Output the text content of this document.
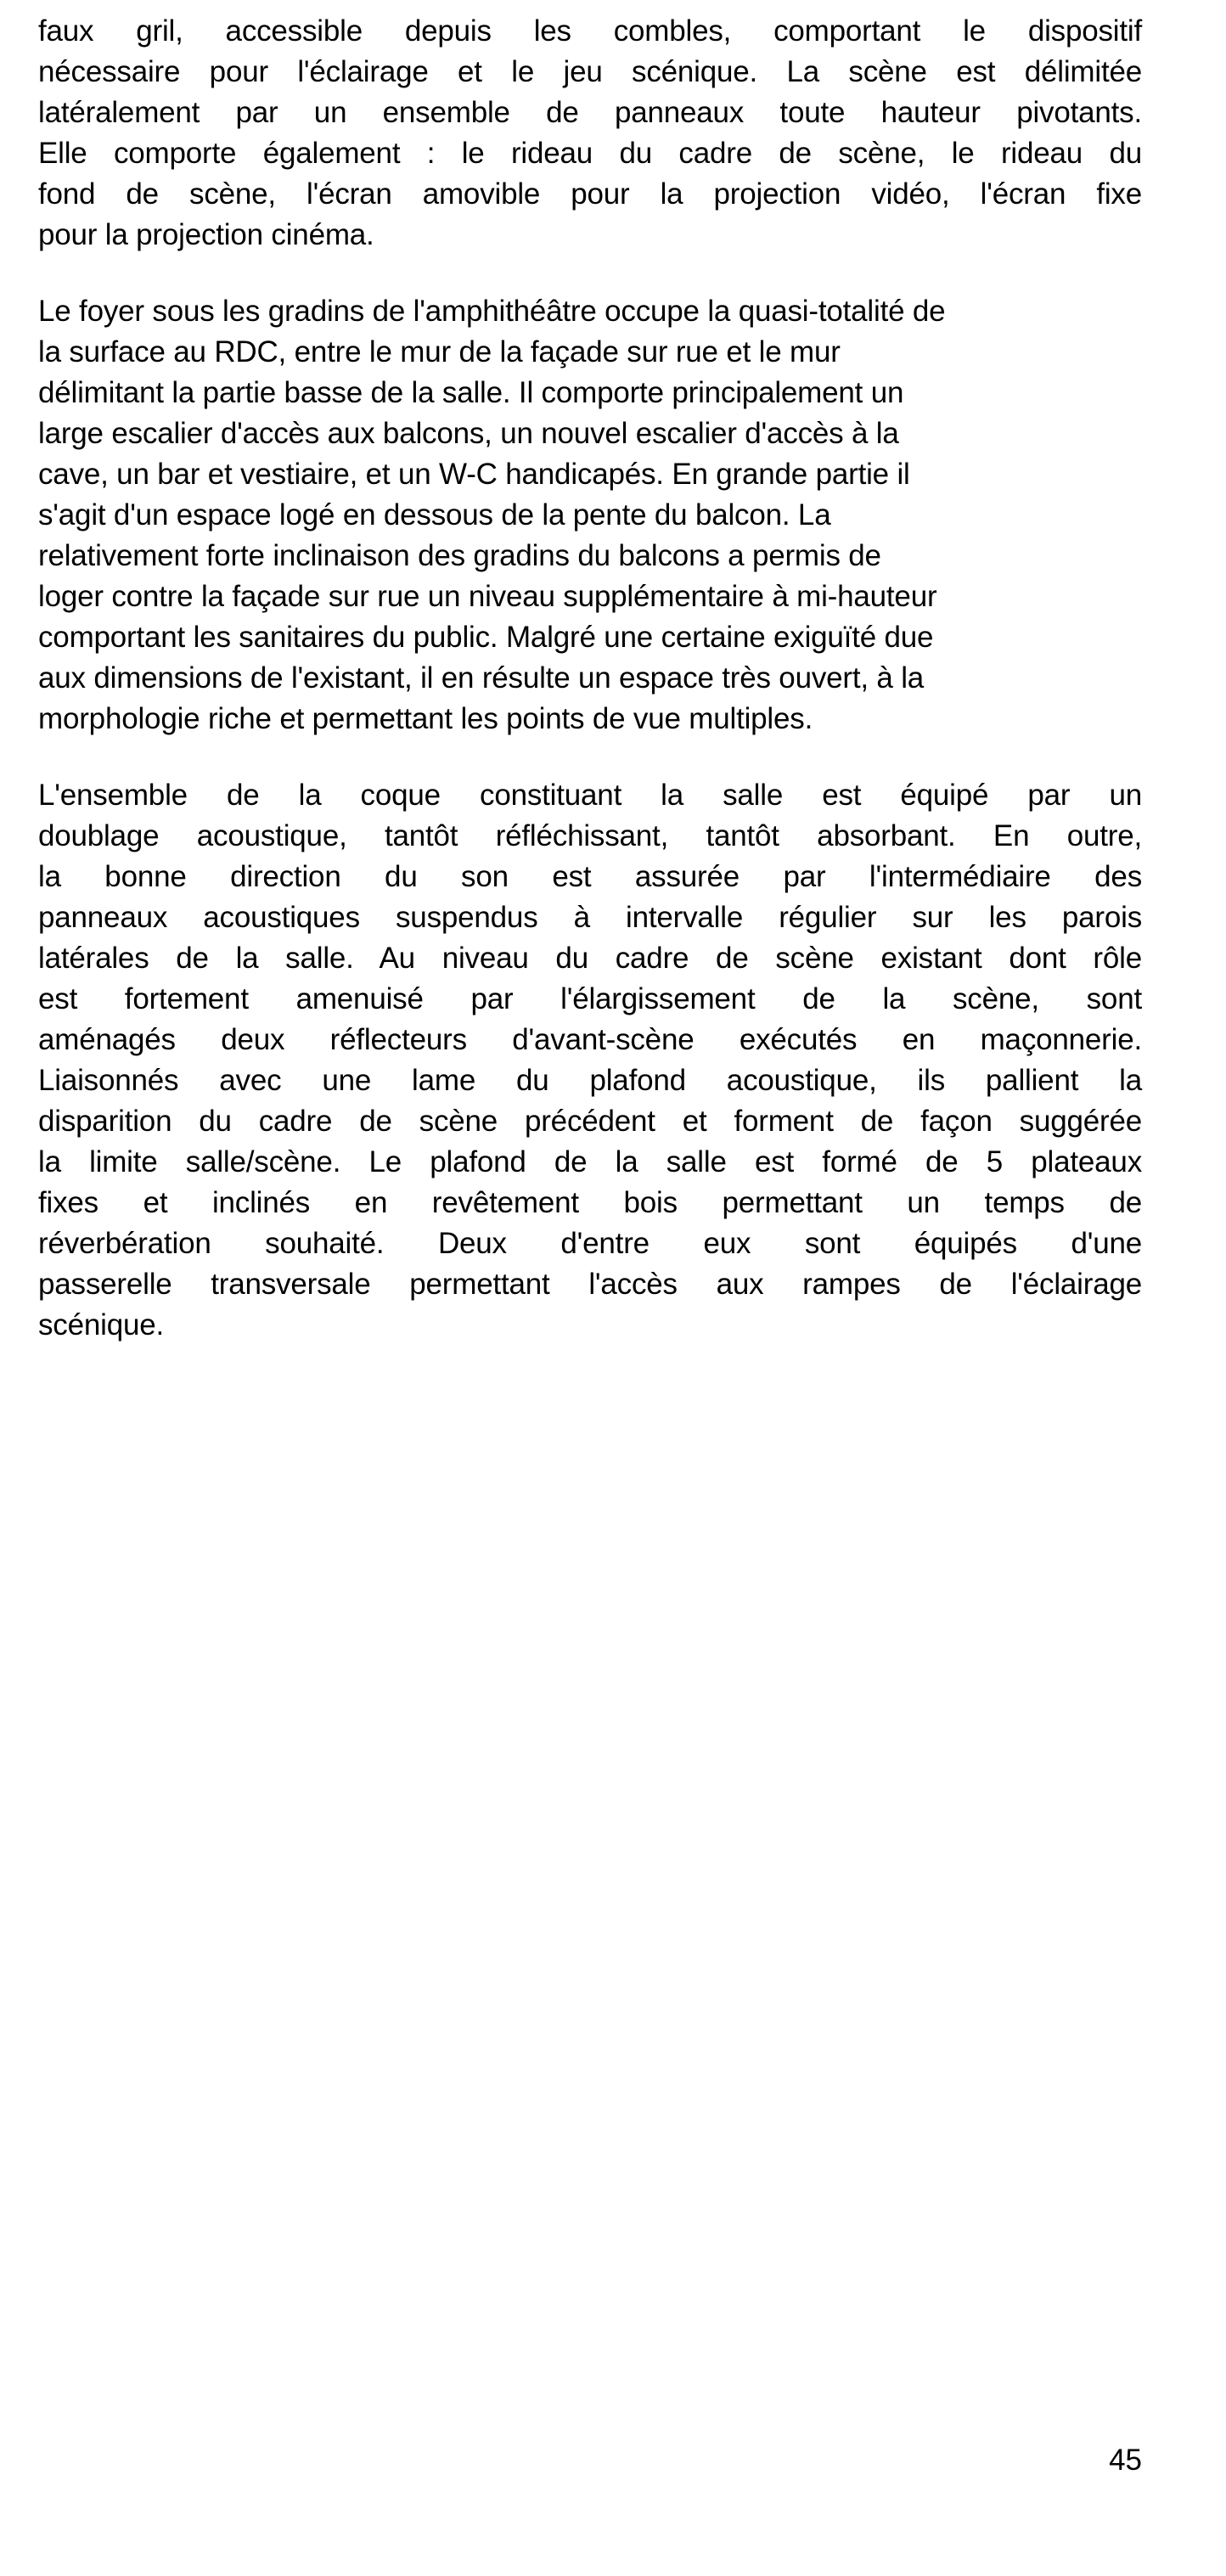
faux gril, accessible depuis les combles, comportant le dispositif
nécessaire pour l'éclairage et le jeu scénique. La scène est délimitée
latéralement par un ensemble de panneaux toute hauteur pivotants.
Elle comporte également : le rideau du cadre de scène, le rideau du
fond de scène, l'écran amovible pour la projection vidéo, l'écran fixe
pour la projection cinéma.
Le foyer sous les gradins de l'amphithéâtre occupe la quasi-totalité de
la surface au RDC, entre le mur de la façade sur rue et le mur
délimitant la partie basse de la salle. Il comporte principalement un
large escalier d'accès aux balcons, un nouvel escalier d'accès à la
cave, un bar et vestiaire, et un W-C handicapés. En grande partie il
s'agit d'un espace logé en dessous de la pente du balcon. La
relativement forte inclinaison des gradins du balcons a permis de
loger contre la façade sur rue un niveau supplémentaire à mi-hauteur
comportant les sanitaires du public. Malgré une certaine exiguïté due
aux dimensions de l'existant, il en résulte un espace très ouvert, à la
morphologie riche et permettant les points de vue multiples.
L'ensemble de la coque constituant la salle est équipé par un
doublage acoustique, tantôt réfléchissant, tantôt absorbant. En outre,
la bonne direction du son est assurée par l'intermédiaire des
panneaux acoustiques suspendus à intervalle régulier sur les parois
latérales de la salle. Au niveau du cadre de scène existant dont rôle
est fortement amenuisé par l'élargissement de la scène, sont
aménagés deux réflecteurs d'avant-scène exécutés en maçonnerie.
Liaisonnés avec une lame du plafond acoustique, ils pallient la
disparition du cadre de scène précédent et forment de façon suggérée
la limite salle/scène. Le plafond de la salle est formé de 5 plateaux
fixes et inclinés en revêtement bois permettant un temps de
réverbération souhaité. Deux d'entre eux sont équipés d'une
passerelle transversale permettant l'accès aux rampes de l'éclairage
scénique.
45
